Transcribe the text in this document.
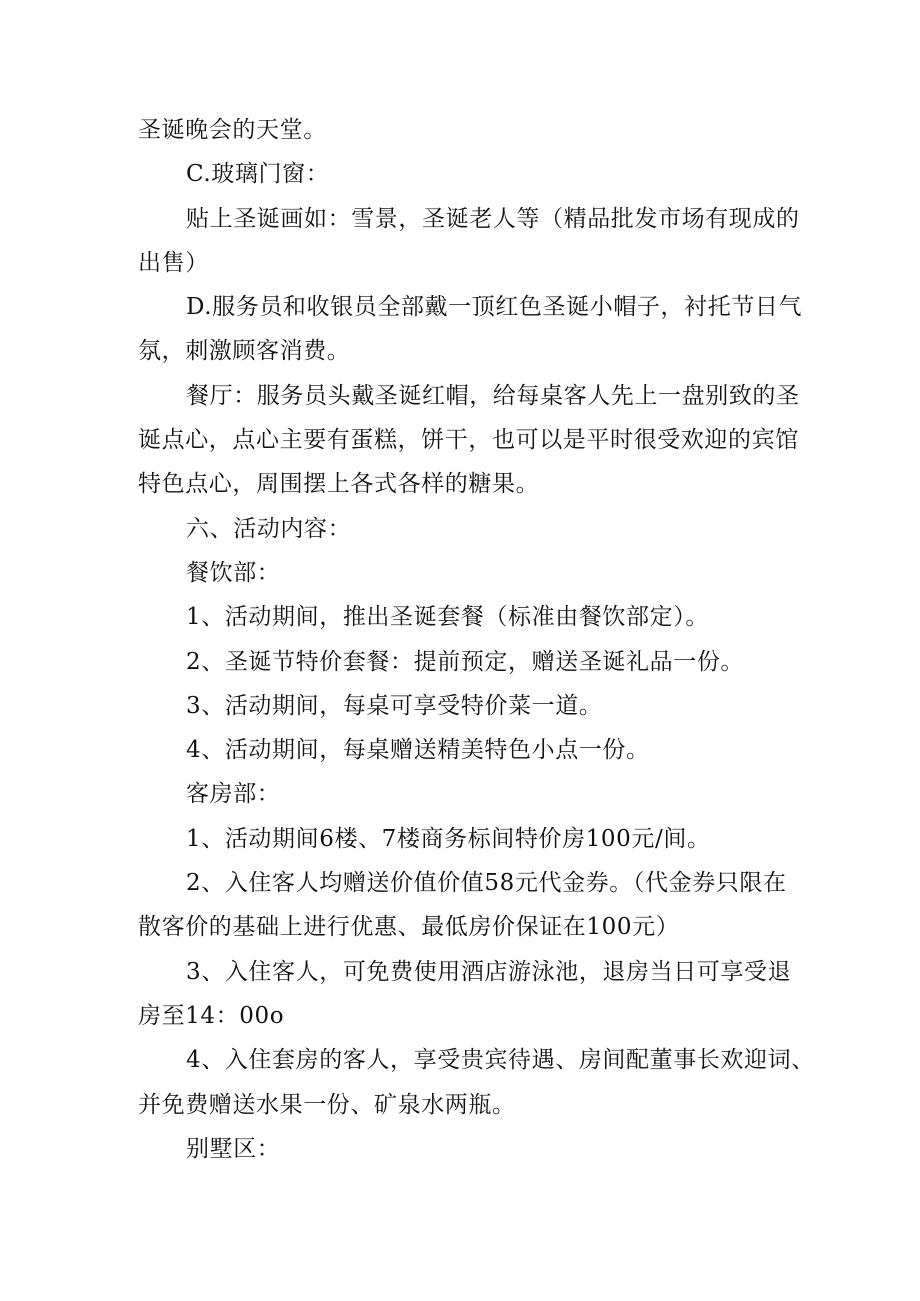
圣诞晚会的天堂。
C.玻璃门窗：
贴上圣诞画如：雪景，圣诞老人等（精品批发市场有现成的
出售）
D.服务员和收银员全部戴一顶红色圣诞小帽子，衬托节日气
氛，刺激顾客消费。
餐厅：服务员头戴圣诞红帽，给每桌客人先上一盘别致的圣
诞点心，点心主要有蛋糕，饼干，也可以是平时很受欢迎的宾馆
特色点心，周围摆上各式各样的糖果。
六、活动内容：
餐饮部：
1、活动期间，推出圣诞套餐（标准由餐饮部定）。
2、圣诞节特价套餐：提前预定，赠送圣诞礼品一份。
3、活动期间，每桌可享受特价菜一道。
4、活动期间，每桌赠送精美特色小点一份。
客房部：
1、活动期间6楼、7楼商务标间特价房100元/间。
2、入住客人均赠送价值价值58元代金券。（代金券只限在
散客价的基础上进行优惠、最低房价保证在100元）
3、入住客人，可免费使用酒店游泳池，退房当日可享受退
房至14：00o
4、入住套房的客人，享受贵宾待遇、房间配董事长欢迎词、
并免费赠送水果一份、矿泉水两瓶。
别墅区：
